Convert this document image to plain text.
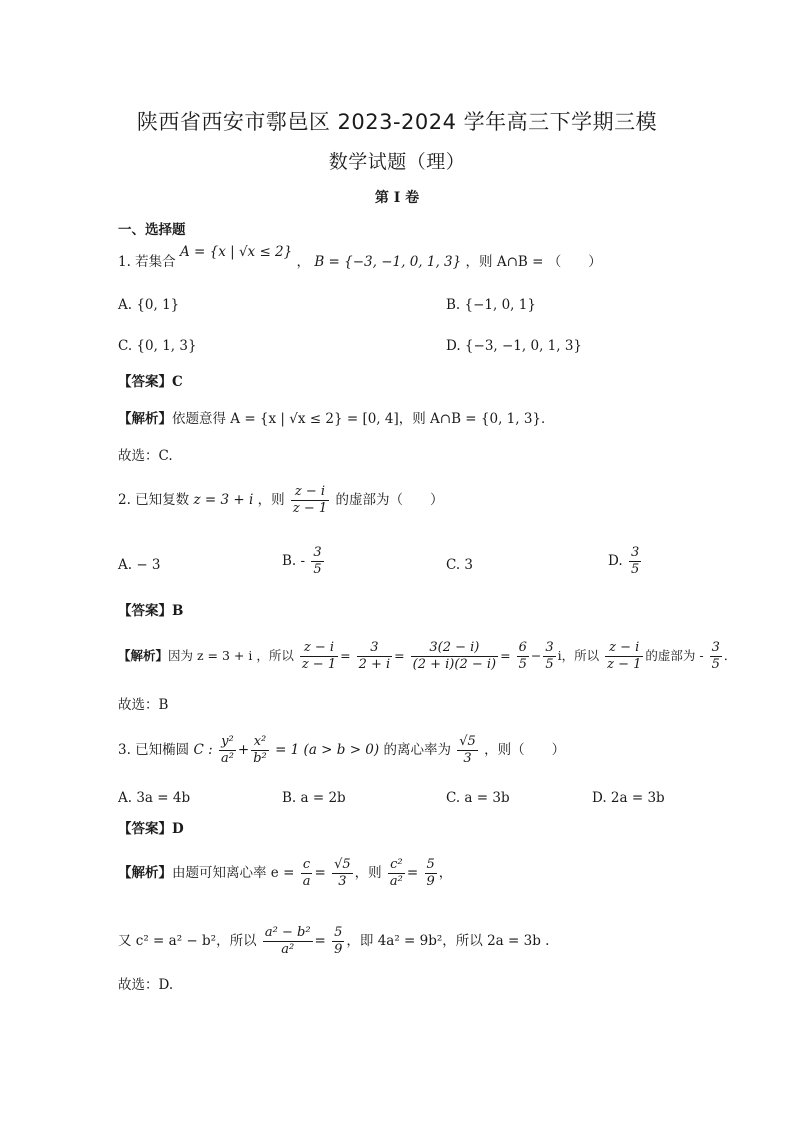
陕西省西安市鄠邑区 2023-2024 学年高三下学期三模
数学试题（理）
第 I 卷
一、选择题
1. 若集合 A = {x | √x ≤ 2} ， B = {−3, −1, 0, 1, 3} ，则 A∩B = （　　）
A. {0, 1}	B. {−1, 0, 1}
C. {0, 1, 3}	D. {−3, −1, 0, 1, 3}
【答案】C
【解析】依题意得 A = {x | √x ≤ 2} = [0, 4]，则 A∩B = {0, 1, 3}．
故选：C.
2. 已知复数 z = 3 + i ，则 $\frac{z - i}{z - 1}$ 的虚部为（　　）
A. − 3	B. - $\frac{3}{5}$	C. 3	D. $\frac{3}{5}$
【答案】B
【解析】因为 z = 3 + i ，所以 $\frac{z - i}{z - 1} = \frac{3}{2 + i} = \frac{3(2 - i)}{(2 + i)(2 - i)} = \frac{6}{5} - \frac{3}{5}$ i，所以 $\frac{z - i}{z - 1}$ 的虚部为 - $\frac{3}{5}$ ．
故选：B
3. 已知椭圆 C : $\frac{\text{y²}}{\text{a²}} + \frac{\text{x²}}{\text{b²}} = 1$ (a > b > 0) 的离心率为 $\frac{√5}{3}$ ，则（　　）
A. 3a = 4b	B. a = 2b	C. a = 3b	D. 2a = 3b
【答案】D
【解析】由题可知离心率 $e = \frac{c}{a} = \frac{√5}{3}$ ，则 $\frac{\text{c²}}{\text{a²}} = \frac{5}{9}$ ，
又 c² = a² − b²，所以 $\frac{\text{a² − b²}}{\text{a²}} = \frac{5}{9}$ ，即 4a² = 9b²，所以 2a = 3b .
故选：D.
